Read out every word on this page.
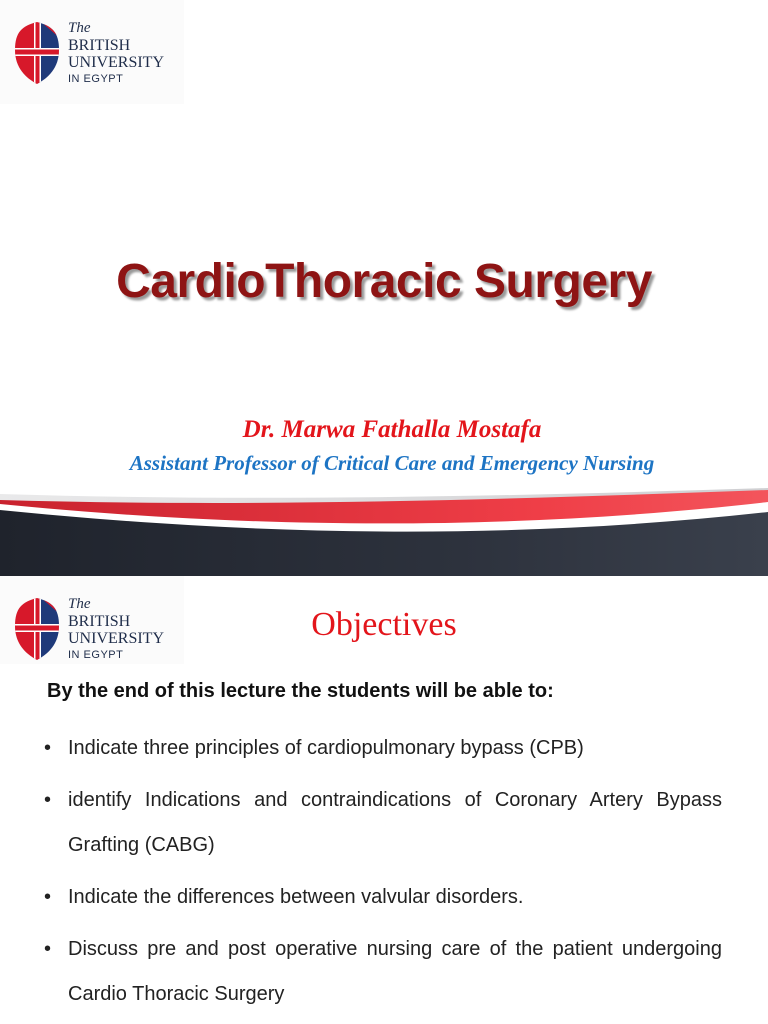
The
BRITISH
UNIVERSITY
IN EGYPT
CardioThoracic Surgery
Dr. Marwa Fathalla Mostafa
Assistant Professor of Critical Care and Emergency Nursing
The
BRITISH
UNIVERSITY
IN EGYPT
Objectives
By the end of this lecture the students will be able to:
• Indicate three principles of cardiopulmonary bypass (CPB)
• identify Indications and contraindications of Coronary Artery Bypass Grafting (CABG)
• Indicate the differences between valvular disorders.
• Discuss pre and post operative nursing care of the patient undergoing Cardio Thoracic Surgery
